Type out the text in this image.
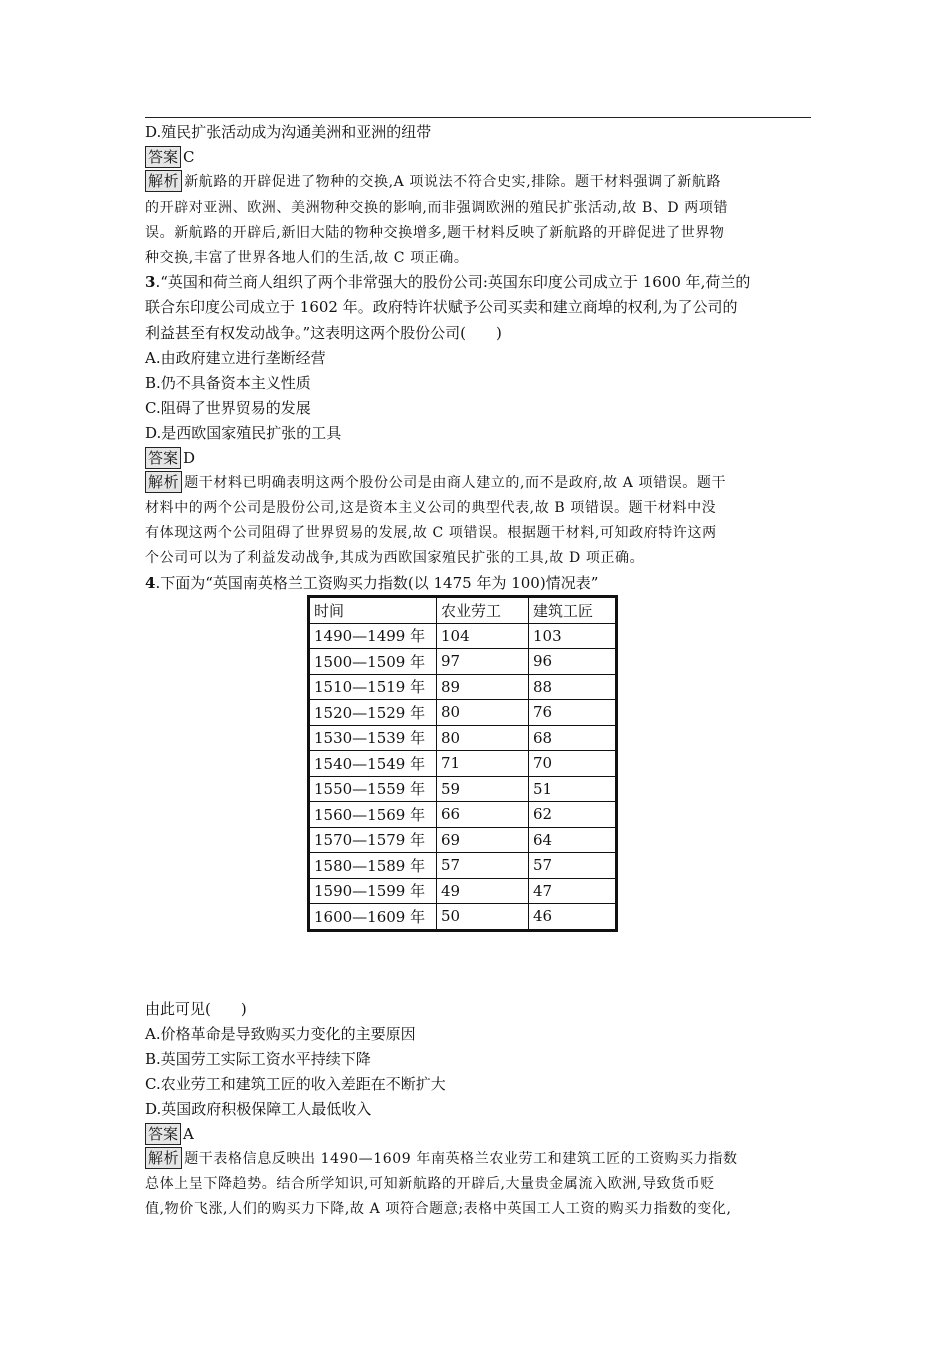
D.殖民扩张活动成为沟通美洲和亚洲的纽带
答案 C
解析 新航路的开辟促进了物种的交换,A 项说法不符合史实,排除。题干材料强调了新航路
的开辟对亚洲、欧洲、美洲物种交换的影响,而非强调欧洲的殖民扩张活动,故 B、D 两项错
误。新航路的开辟后,新旧大陆的物种交换增多,题干材料反映了新航路的开辟促进了世界物
种交换,丰富了世界各地人们的生活,故 C 项正确。
3.“英国和荷兰商人组织了两个非常强大的股份公司:英国东印度公司成立于 1600 年,荷兰的
联合东印度公司成立于 1602 年。政府特许状赋予公司买卖和建立商埠的权利,为了公司的
利益甚至有权发动战争。”这表明这两个股份公司(　　)
A.由政府建立进行垄断经营
B.仍不具备资本主义性质
C.阻碍了世界贸易的发展
D.是西欧国家殖民扩张的工具
答案 D
解析 题干材料已明确表明这两个股份公司是由商人建立的,而不是政府,故 A 项错误。题干
材料中的两个公司是股份公司,这是资本主义公司的典型代表,故 B 项错误。题干材料中没
有体现这两个公司阻碍了世界贸易的发展,故 C 项错误。根据题干材料,可知政府特许这两
个公司可以为了利益发动战争,其成为西欧国家殖民扩张的工具,故 D 项正确。
4.下面为“英国南英格兰工资购买力指数(以 1475 年为 100)情况表”
时间	农业劳工	建筑工匠
1490—1499 年	104	103
1500—1509 年	97	96
1510—1519 年	89	88
1520—1529 年	80	76
1530—1539 年	80	68
1540—1549 年	71	70
1550—1559 年	59	51
1560—1569 年	66	62
1570—1579 年	69	64
1580—1589 年	57	57
1590—1599 年	49	47
1600—1609 年	50	46
由此可见(　　)
A.价格革命是导致购买力变化的主要原因
B.英国劳工实际工资水平持续下降
C.农业劳工和建筑工匠的收入差距在不断扩大
D.英国政府积极保障工人最低收入
答案 A
解析 题干表格信息反映出 1490—1609 年南英格兰农业劳工和建筑工匠的工资购买力指数
总体上呈下降趋势。结合所学知识,可知新航路的开辟后,大量贵金属流入欧洲,导致货币贬
值,物价飞涨,人们的购买力下降,故 A 项符合题意;表格中英国工人工资的购买力指数的变化,
